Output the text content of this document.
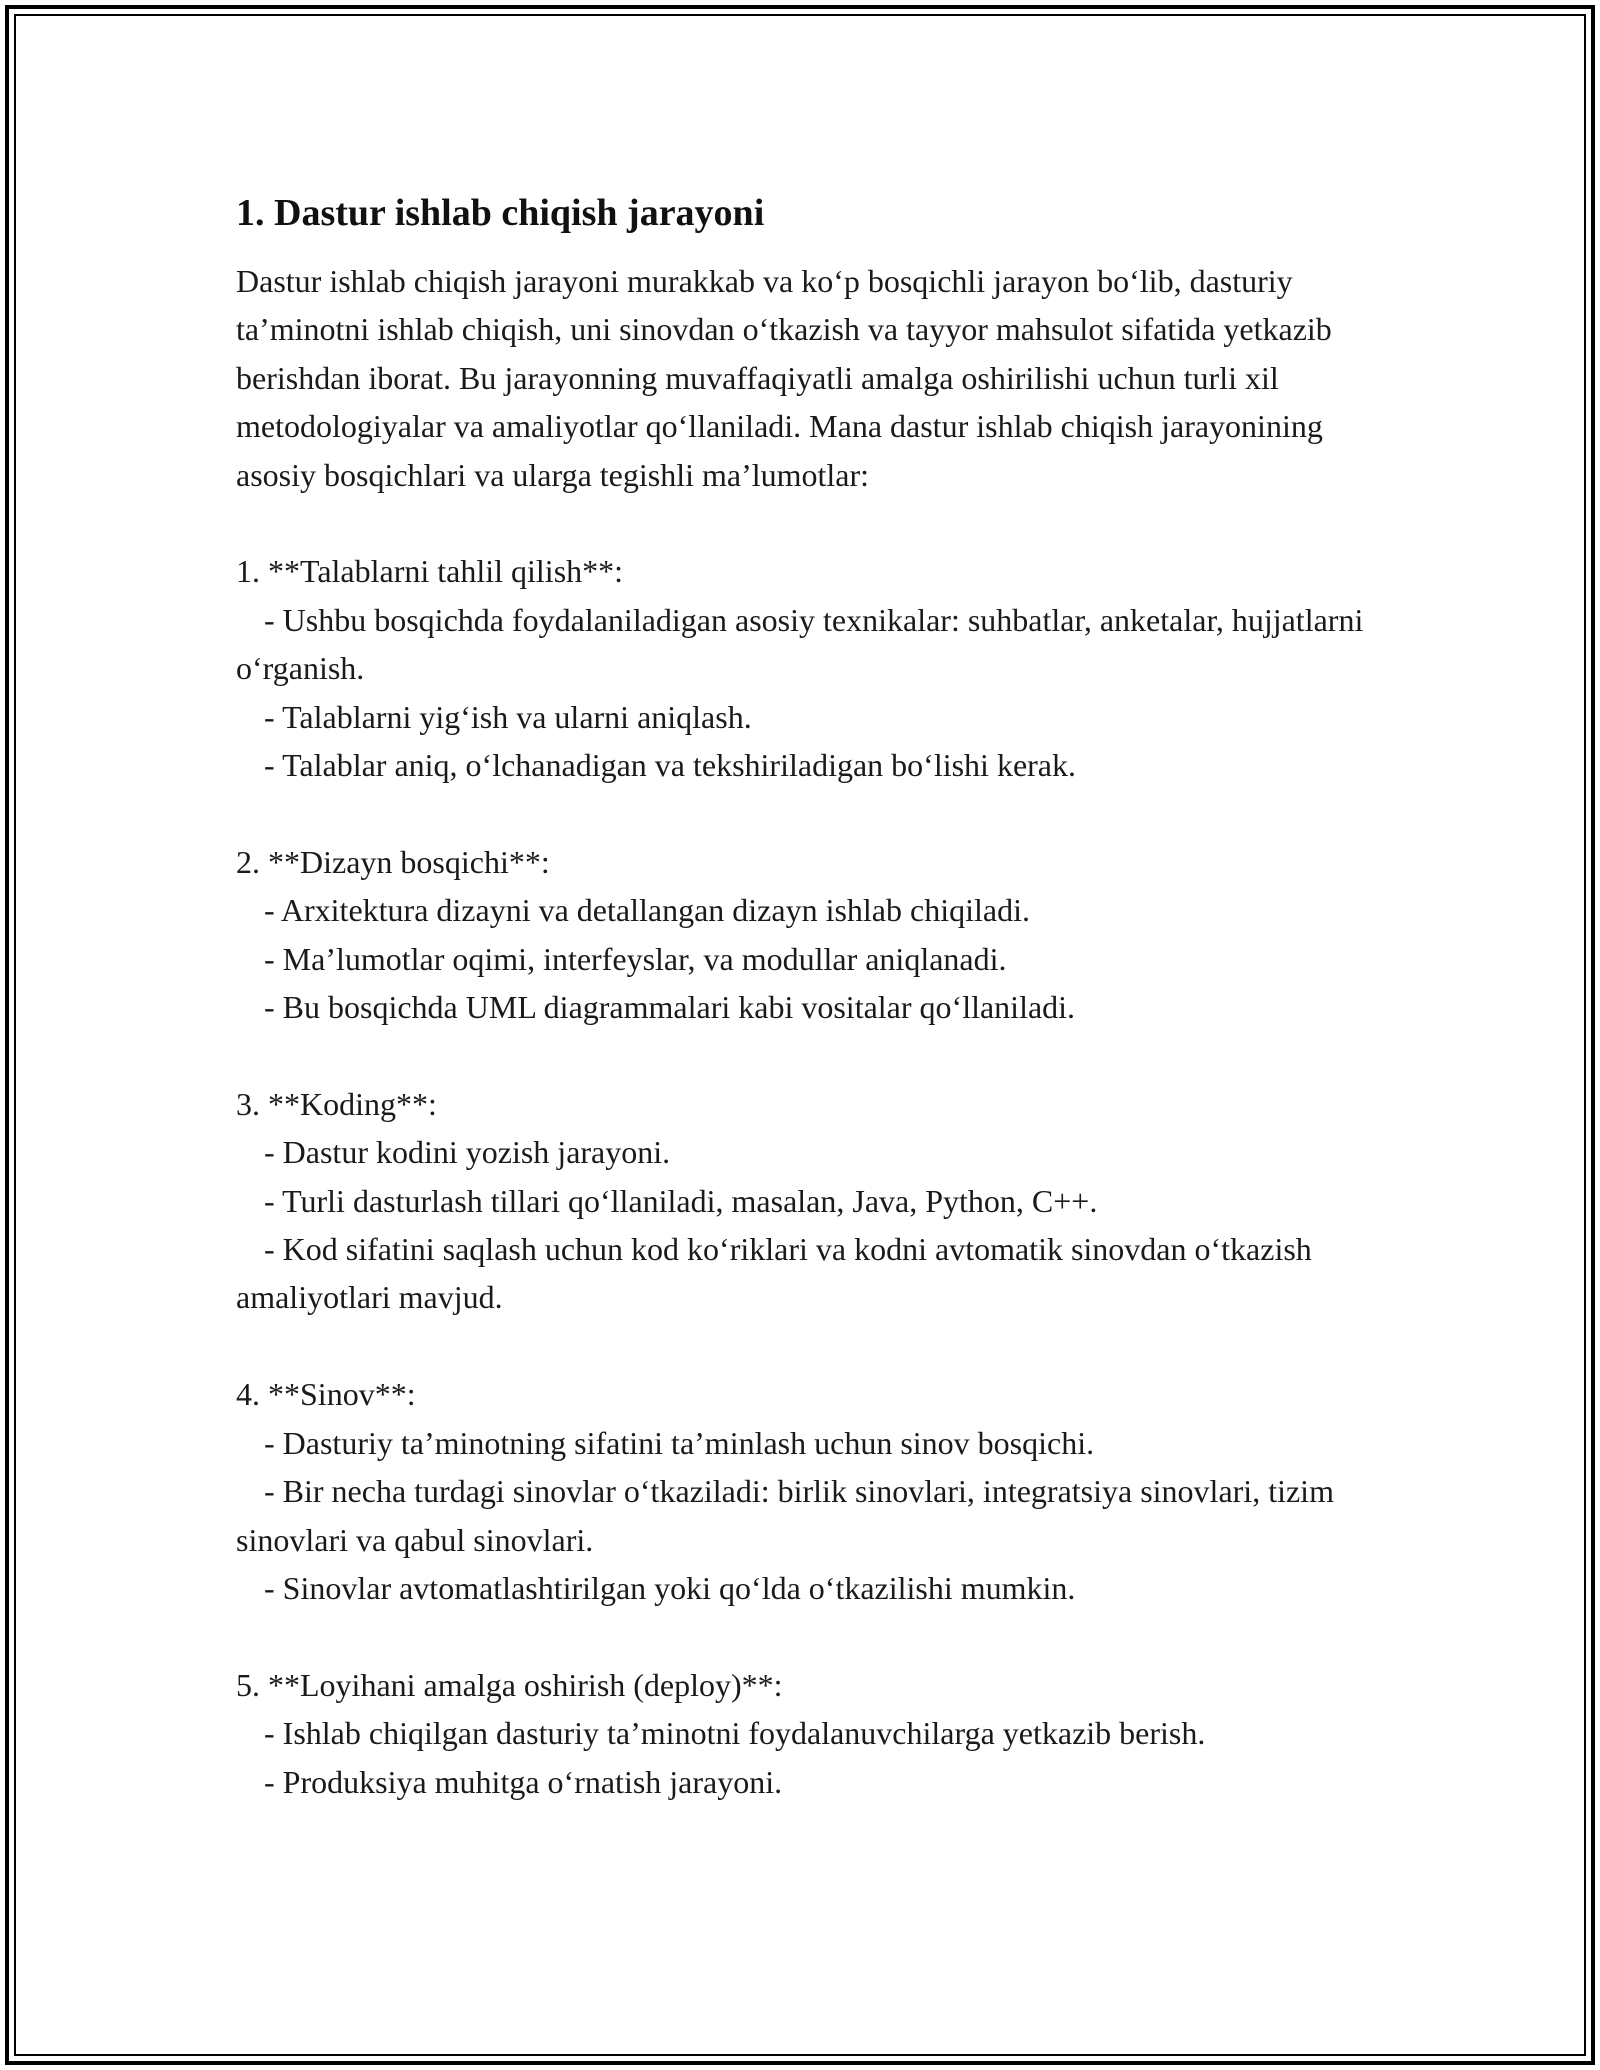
1. Dastur ishlab chiqish jarayoni

Dastur ishlab chiqish jarayoni murakkab va ko‘p bosqichli jarayon bo‘lib, dasturiy ta’minotni ishlab chiqish, uni sinovdan o‘tkazish va tayyor mahsulot sifatida yetkazib berishdan iborat. Bu jarayonning muvaffaqiyatli amalga oshirilishi uchun turli xil metodologiyalar va amaliyotlar qo‘llaniladi. Mana dastur ishlab chiqish jarayonining asosiy bosqichlari va ularga tegishli ma’lumotlar:

1. **Talablarni tahlil qilish**:

- Ushbu bosqichda foydalaniladigan asosiy texnikalar: suhbatlar, anketalar, hujjatlarni o‘rganish.

- Talablarni yig‘ish va ularni aniqlash.

- Talablar aniq, o‘lchanadigan va tekshiriladigan bo‘lishi kerak.

2. **Dizayn bosqichi**:

- Arxitektura dizayni va detallangan dizayn ishlab chiqiladi.

- Ma’lumotlar oqimi, interfeyslar, va modullar aniqlanadi.

- Bu bosqichda UML diagrammalari kabi vositalar qo‘llaniladi.

3. **Koding**:

- Dastur kodini yozish jarayoni.

- Turli dasturlash tillari qo‘llaniladi, masalan, Java, Python, C++.

- Kod sifatini saqlash uchun kod ko‘riklari va kodni avtomatik sinovdan o‘tkazish amaliyotlari mavjud.

4. **Sinov**:

- Dasturiy ta’minotning sifatini ta’minlash uchun sinov bosqichi.

- Bir necha turdagi sinovlar o‘tkaziladi: birlik sinovlari, integratsiya sinovlari, tizim sinovlari va qabul sinovlari.

- Sinovlar avtomatlashtirilgan yoki qo‘lda o‘tkazilishi mumkin.

5. **Loyihani amalga oshirish (deploy)**:

- Ishlab chiqilgan dasturiy ta’minotni foydalanuvchilarga yetkazib berish.

- Produksiya muhitga o‘rnatish jarayoni.
